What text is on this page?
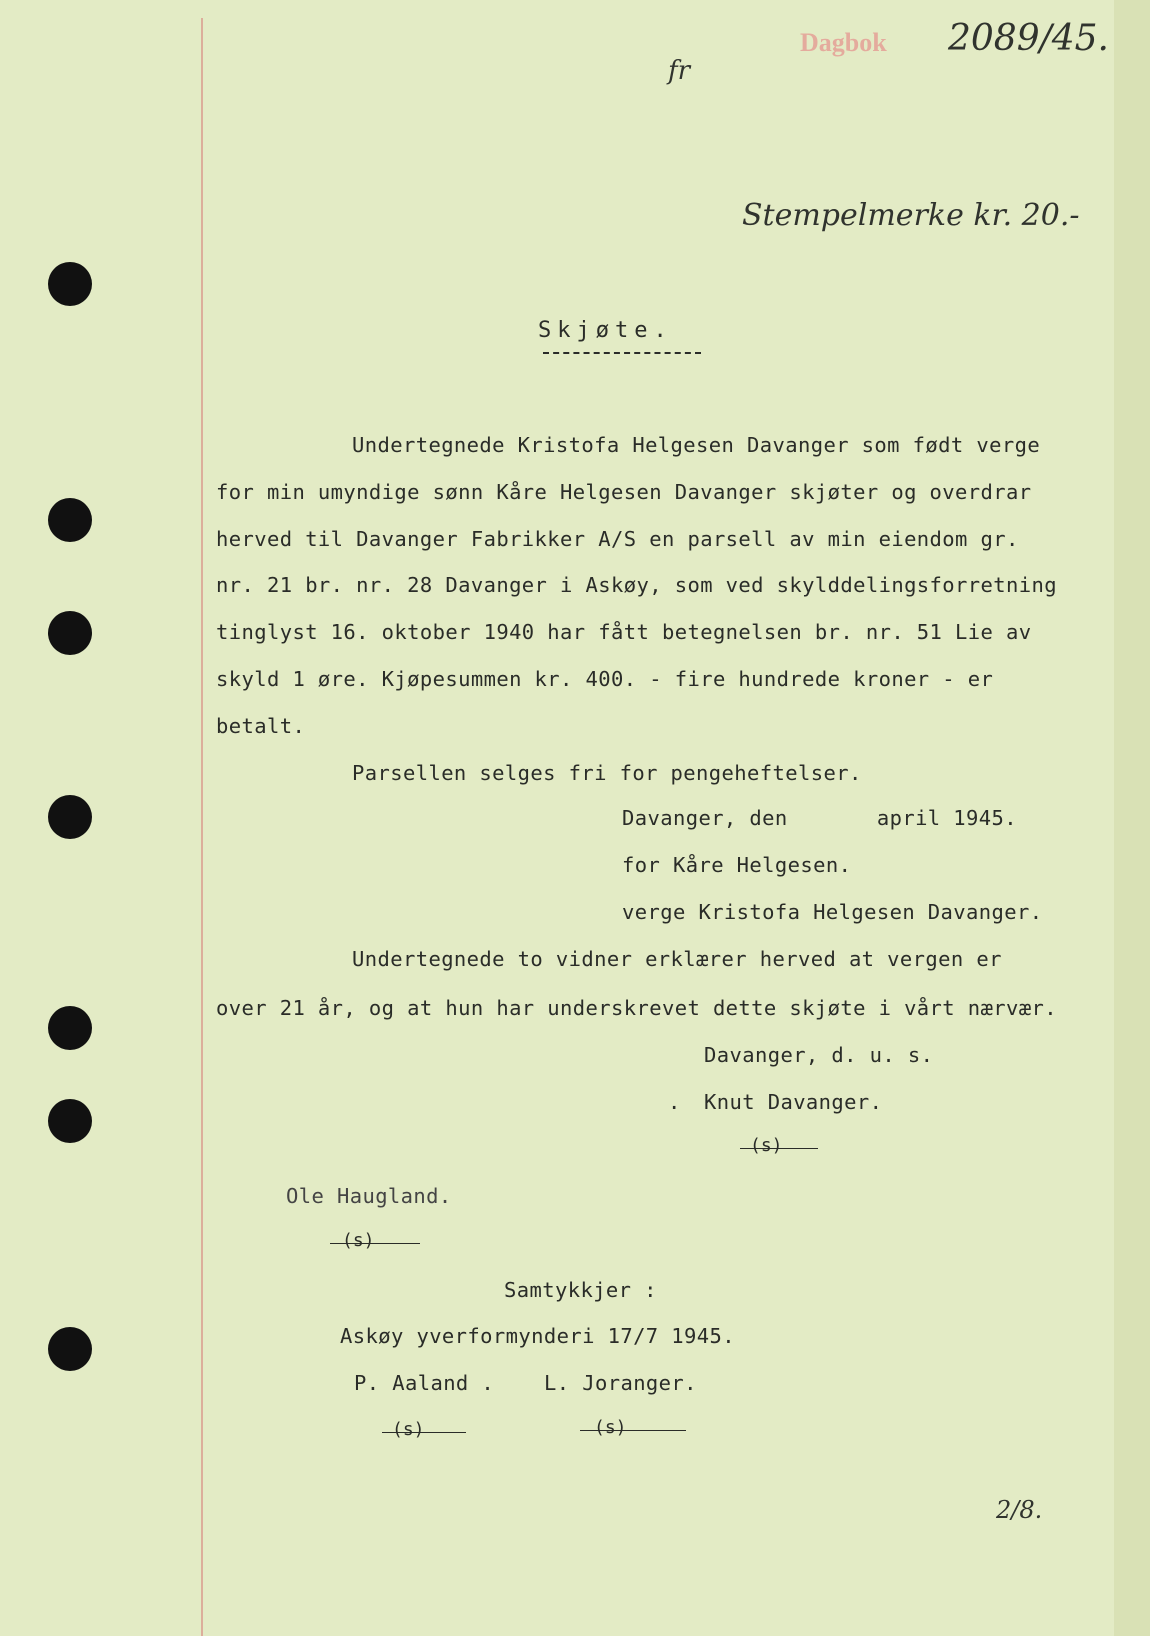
Dagbok 2089/45.
fr
Stempelmerke kr. 20.-
Skjøte.
Undertegnede Kristofa Helgesen Davanger som født verge
for min umyndige sønn Kåre Helgesen Davanger skjøter og overdrar
herved til Davanger Fabrikker A/S en parsell av min eiendom gr.
nr. 21 br. nr. 28 Davanger i Askøy, som ved skylddelingsforretning
tinglyst 16. oktober 1940 har fått betegnelsen br. nr. 51 Lie av
skyld 1 øre. Kjøpesummen kr. 400. - fire hundrede kroner - er
betalt.
Parsellen selges fri for pengeheftelser.
Davanger, den       april 1945.
for Kåre Helgesen.
verge Kristofa Helgesen Davanger.
Undertegnede to vidner erklærer herved at vergen er
over 21 år, og at hun har underskrevet dette skjøte i vårt nærvær.
Davanger, d. u. s.
. Knut Davanger.
(s)
Ole Haugland.
(s)
Samtykkjer :
Askøy yverformynderi 17/7 1945.
P. Aaland . L. Joranger.
(s)	(s)
2/8.
